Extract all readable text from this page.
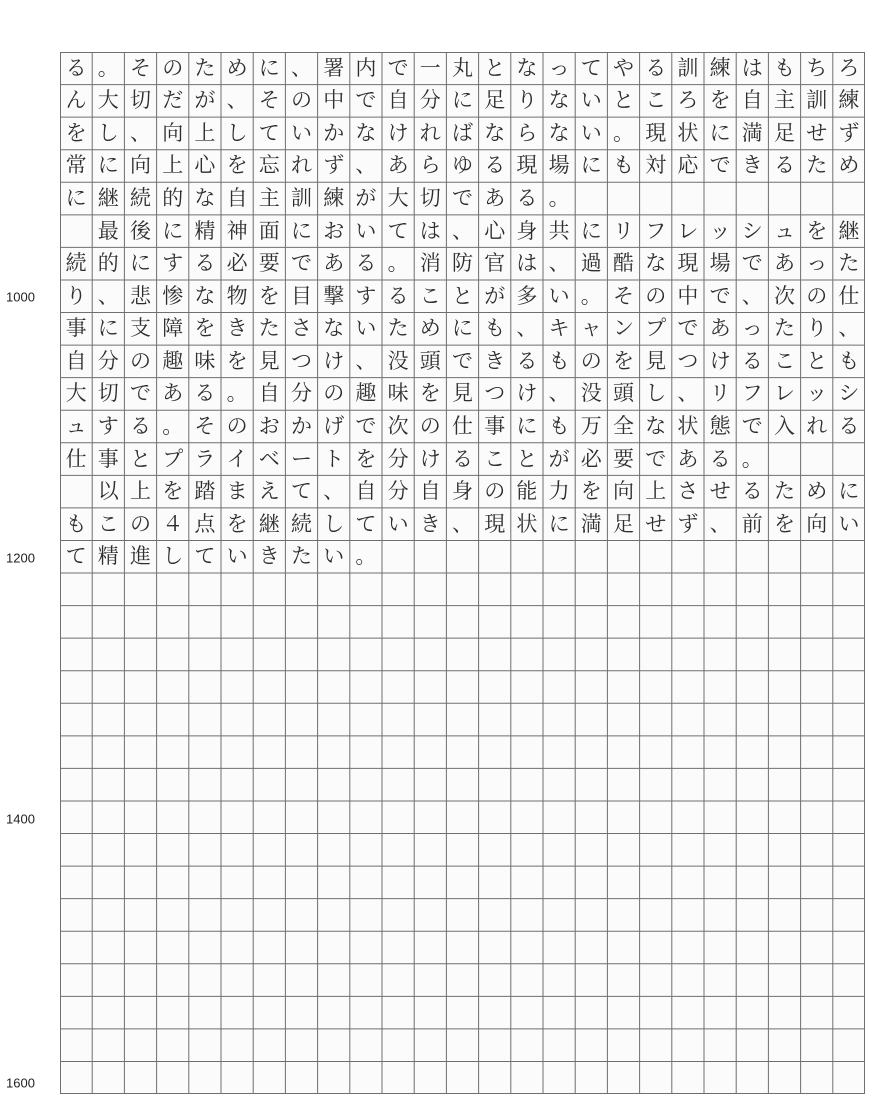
1000
1200
1400
1600
る 。 そ の た め に 、 署 内 で 一 丸 と な っ て や る 訓 練 は も ち ろ
ん 大 切 だ が 、 そ の 中 で 自 分 に 足 り な い と こ ろ を 自 主 訓 練
を し 、 向 上 し て い か な け れ ば な ら な い 。 現 状 に 満 足 せ ず
常 に 向 上 心 を 忘 れ ず 、 あ ら ゆ る 現 場 に も 対 応 で き る た め
に 継 続 的 な 自 主 訓 練 が 大 切 で あ る 。

最 後 に 精 神 面 に お い て は 、 心 身 共 に リ フ レ ッ シ ュ を 継
続 的 に す る 必 要 で あ る 。 消 防 官 は 、 過 酷 な 現 場 で あ っ た
り 、 悲 惨 な 物 を 目 撃 す る こ と が 多 い 。 そ の 中 で 、 次 の 仕
事 に 支 障 を き た さ な い た め に も 、 キ ャ ン プ で あ っ た り 、
自 分 の 趣 味 を 見 つ け 、 没 頭 で き る も の を 見 つ け る こ と も
大 切 で あ る 。 自 分 の 趣 味 を 見 つ け 、 没 頭 し 、 リ フ レ ッ シ
ュ す る 。 そ の お か げ で 次 の 仕 事 に も 万 全 な 状 態 で 入 れ る
仕 事 と プ ラ イ ベ ー ト を 分 け る こ と が 必 要 で あ る 。

以 上 を 踏 ま え て 、 自 分 自 身 の 能 力 を 向 上 さ せ る た め に
も こ の ４ 点 を 継 続 し て い き 、 現 状 に 満 足 せ ず 、 前 を 向 い
て 精 進 し て い き た い 。
